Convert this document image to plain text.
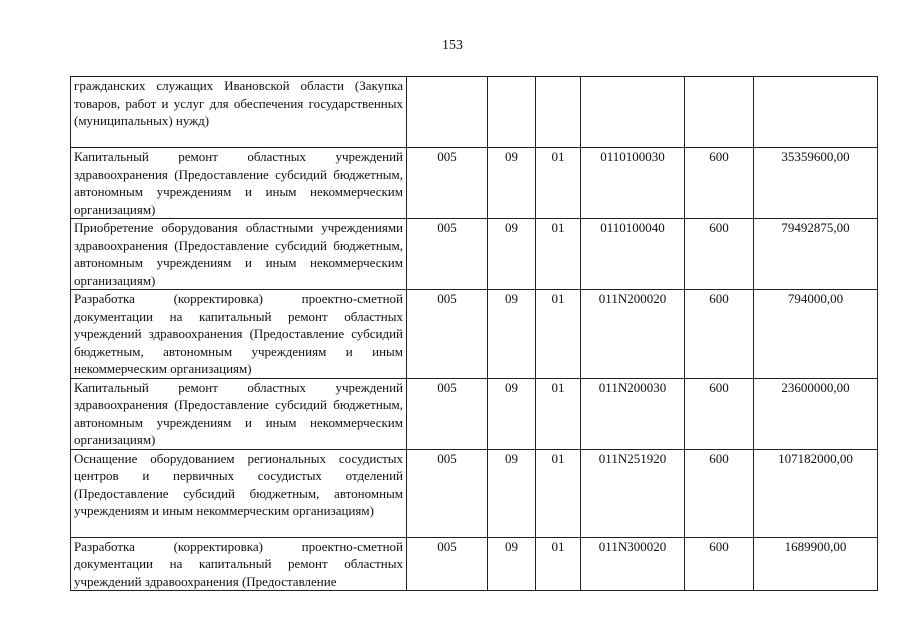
153
гражданских служащих Ивановской области (Закупка товаров, работ и услуг для обеспечения государственных (муниципальных) нужд)						
Капитальный ремонт областных учреждений здравоохранения (Предоставление субсидий бюджетным, автономным учреждениям и иным некоммерческим организациям)	005	09	01	0110100030	600	35359600,00
Приобретение оборудования областными учреждениями здравоохранения (Предоставление субсидий бюджетным, автономным учреждениям и иным некоммерческим организациям)	005	09	01	0110100040	600	79492875,00
Разработка (корректировка) проектно-сметной документации на капитальный ремонт областных учреждений здравоохранения (Предоставление субсидий бюджетным, автономным учреждениям и иным некоммерческим организациям)	005	09	01	011N200020	600	794000,00
Капитальный ремонт областных учреждений здравоохранения (Предоставление субсидий бюджетным, автономным учреждениям и иным некоммерческим организациям)	005	09	01	011N200030	600	23600000,00
Оснащение оборудованием региональных сосудистых центров и первичных сосудистых отделений (Предоставление субсидий бюджетным, автономным учреждениям и иным некоммерческим организациям)	005	09	01	011N251920	600	107182000,00
Разработка (корректировка) проектно-сметной документации на капитальный ремонт областных учреждений здравоохранения (Предоставление	005	09	01	011N300020	600	1689900,00
